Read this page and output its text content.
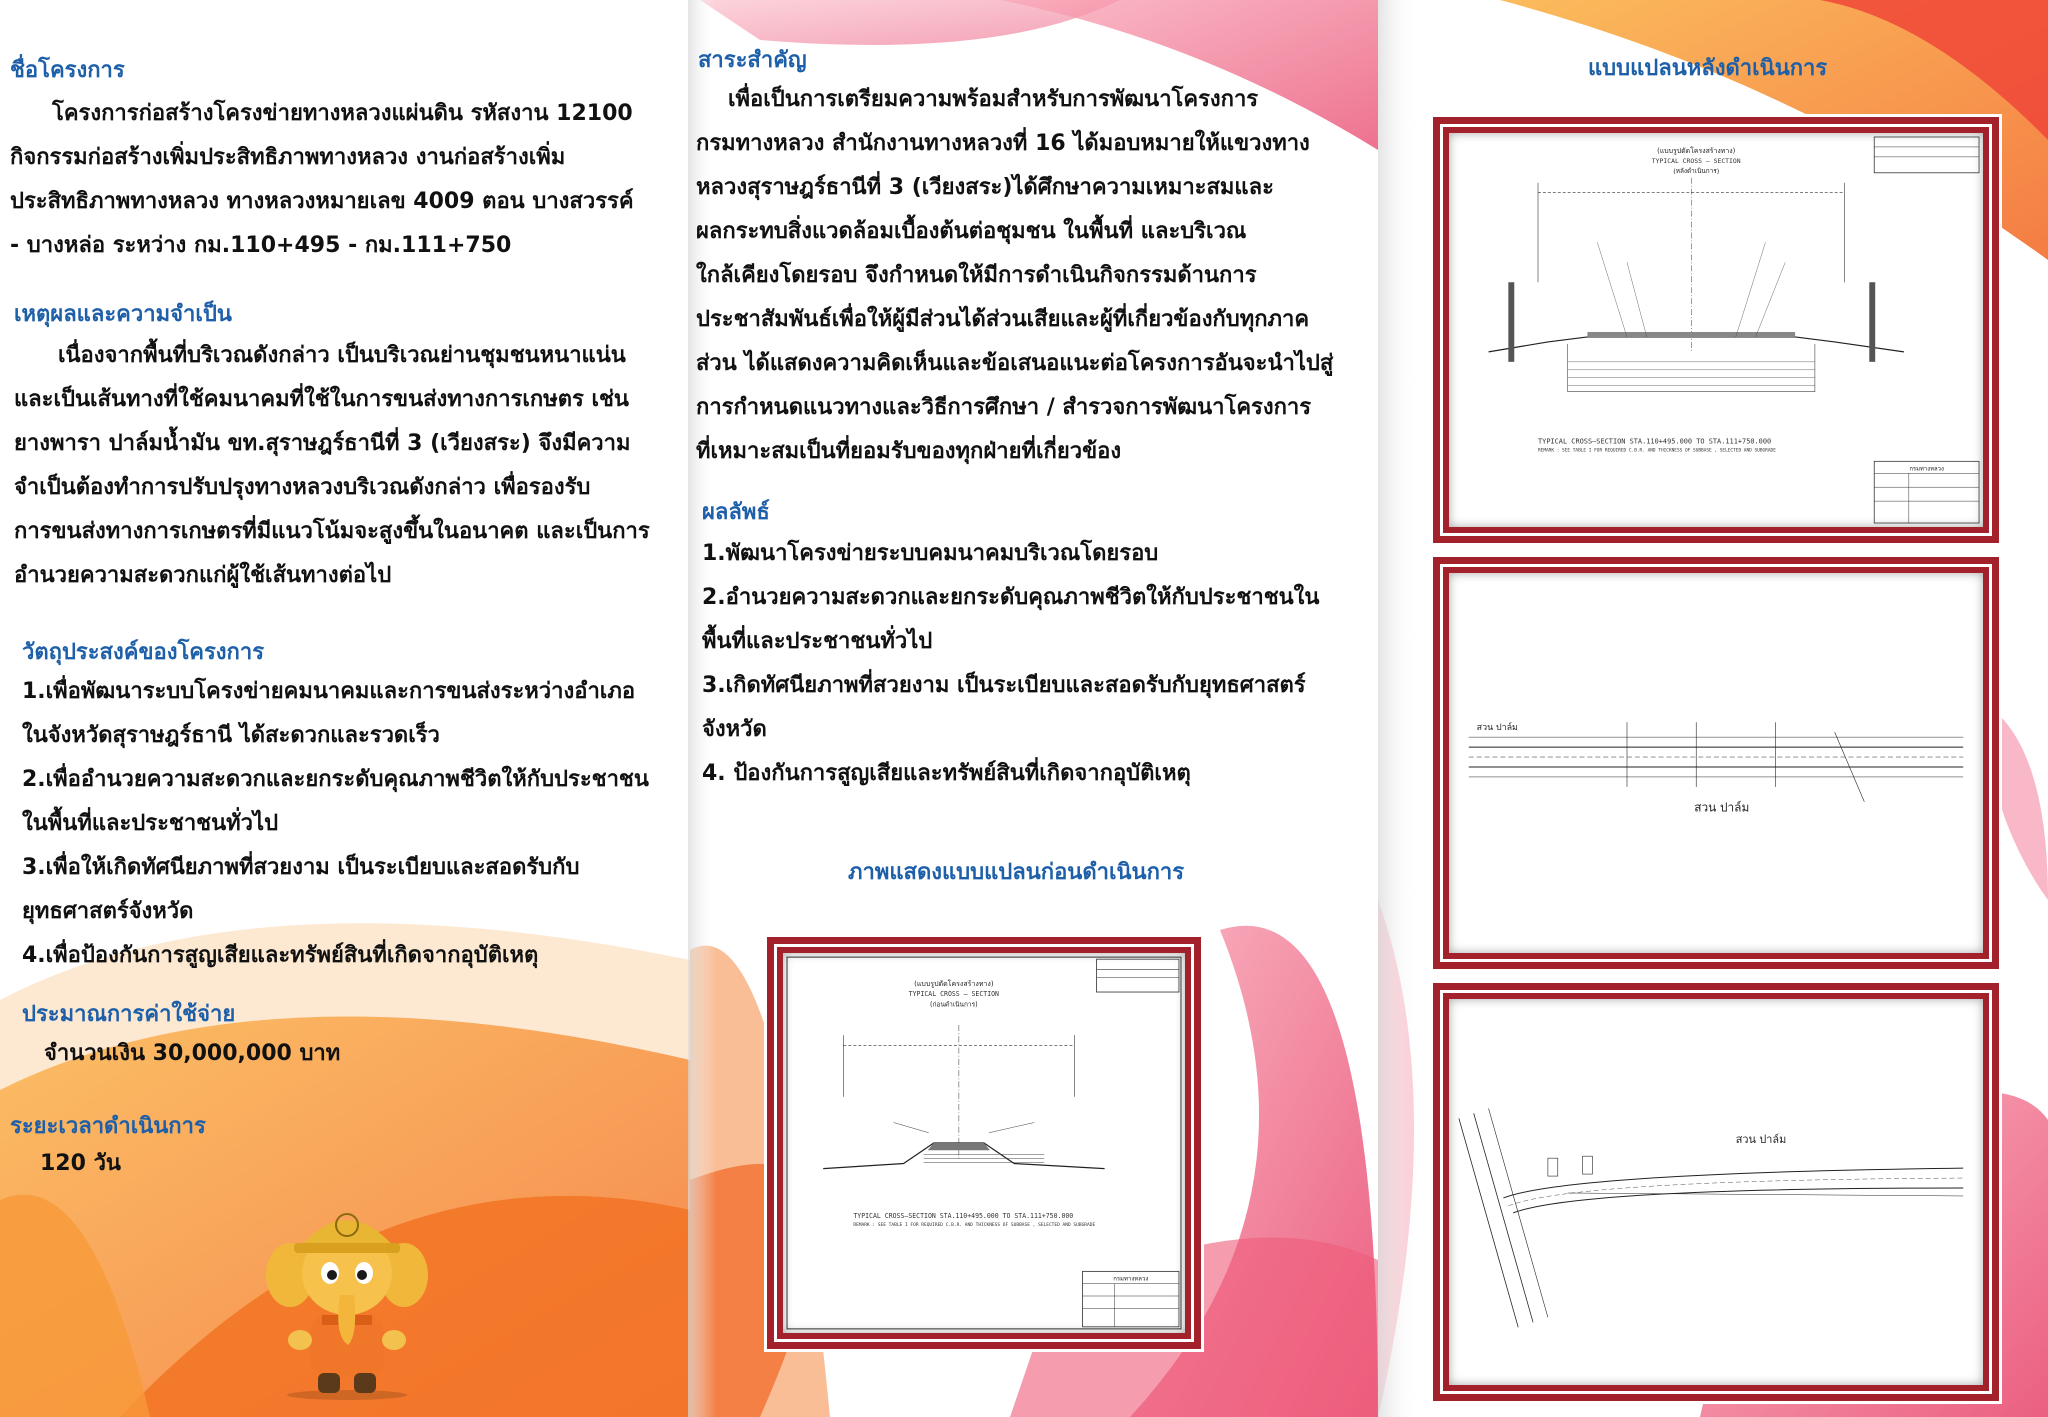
ชื่อโครงการ

โครงการก่อสร้างโครงข่ายทางหลวงแผ่นดิน รหัสงาน 12100

กิจกรรมก่อสร้างเพิ่มประสิทธิภาพทางหลวง งานก่อสร้างเพิ่ม

ประสิทธิภาพทางหลวง ทางหลวงหมายเลข 4009 ตอน บางสวรรค์

- บางหล่อ ระหว่าง กม.110+495 - กม.111+750

เหตุผลและความจำเป็น

เนื่องจากพื้นที่บริเวณดังกล่าว เป็นบริเวณย่านชุมชนหนาแน่น

และเป็นเส้นทางที่ใช้คมนาคมที่ใช้ในการขนส่งทางการเกษตร เช่น

ยางพารา ปาล์มน้ำมัน ขท.สุราษฎร์ธานีที่ 3 (เวียงสระ) จึงมีความ

จำเป็นต้องทำการปรับปรุงทางหลวงบริเวณดังกล่าว เพื่อรองรับ

การขนส่งทางการเกษตรที่มีแนวโน้มจะสูงขึ้นในอนาคต และเป็นการ

อำนวยความสะดวกแก่ผู้ใช้เส้นทางต่อไป

วัตถุประสงค์ของโครงการ

1.เพื่อพัฒนาระบบโครงข่ายคมนาคมและการขนส่งระหว่างอำเภอ

ในจังหวัดสุราษฎร์ธานี ได้สะดวกและรวดเร็ว

2.เพื่ออำนวยความสะดวกและยกระดับคุณภาพชีวิตให้กับประชาชน

ในพื้นที่และประชาชนทั่วไป

3.เพื่อให้เกิดทัศนียภาพที่สวยงาม เป็นระเบียบและสอดรับกับ

ยุทธศาสตร์จังหวัด

4.เพื่อป้องกันการสูญเสียและทรัพย์สินที่เกิดจากอุบัติเหตุ

ประมาณการค่าใช้จ่าย

จำนวนเงิน 30,000,000 บาท

ระยะเวลาดำเนินการ

120 วัน

สาระสำคัญ

เพื่อเป็นการเตรียมความพร้อมสำหรับการพัฒนาโครงการ

กรมทางหลวง สำนักงานทางหลวงที่ 16 ได้มอบหมายให้แขวงทาง

หลวงสุราษฎร์ธานีที่ 3 (เวียงสระ)ได้ศึกษาความเหมาะสมและ

ผลกระทบสิ่งแวดล้อมเบื้องต้นต่อชุมชน ในพื้นที่ และบริเวณ

ใกล้เคียงโดยรอบ จึงกำหนดให้มีการดำเนินกิจกรรมด้านการ

ประชาสัมพันธ์เพื่อให้ผู้มีส่วนได้ส่วนเสียและผู้ที่เกี่ยวข้องกับทุกภาค

ส่วน ได้แสดงความคิดเห็นและข้อเสนอแนะต่อโครงการอันจะนำไปสู่

การกำหนดแนวทางและวิธีการศึกษา / สำรวจการพัฒนาโครงการ

ที่เหมาะสมเป็นที่ยอมรับของทุกฝ่ายที่เกี่ยวข้อง

ผลลัพธ์

1.พัฒนาโครงข่ายระบบคมนาคมบริเวณโดยรอบ

2.อำนวยความสะดวกและยกระดับคุณภาพชีวิตให้กับประชาชนใน

พื้นที่และประชาชนทั่วไป

3.เกิดทัศนียภาพที่สวยงาม เป็นระเบียบและสอดรับกับยุทธศาสตร์

จังหวัด

4. ป้องกันการสูญเสียและทรัพย์สินที่เกิดจากอุบัติเหตุ

ภาพแสดงแบบแปลนก่อนดำเนินการ
(แบบรูปตัดโครงสร้างทาง)
TYPICAL CROSS – SECTION
(ก่อนดำเนินการ)
TYPICAL CROSS–SECTION STA.110+495.000 TO STA.111+750.000
REMARK : SEE TABLE I FOR REQUIRED C.B.R. AND THICKNESS OF SUBBASE , SELECTED AND SUBGRADE
กรมทางหลวง
แบบแปลนหลังดำเนินการ
(แบบรูปตัดโครงสร้างทาง)
TYPICAL CROSS – SECTION
(หลังดำเนินการ)
TYPICAL CROSS–SECTION STA.110+495.000 TO STA.111+750.000
REMARK : SEE TABLE I FOR REQUIRED C.B.R. AND THICKNESS OF SUBBASE , SELECTED AND SUBGRADE
กรมทางหลวง
สวน ปาล์ม
สวน ปาล์ม
สวน ปาล์ม
